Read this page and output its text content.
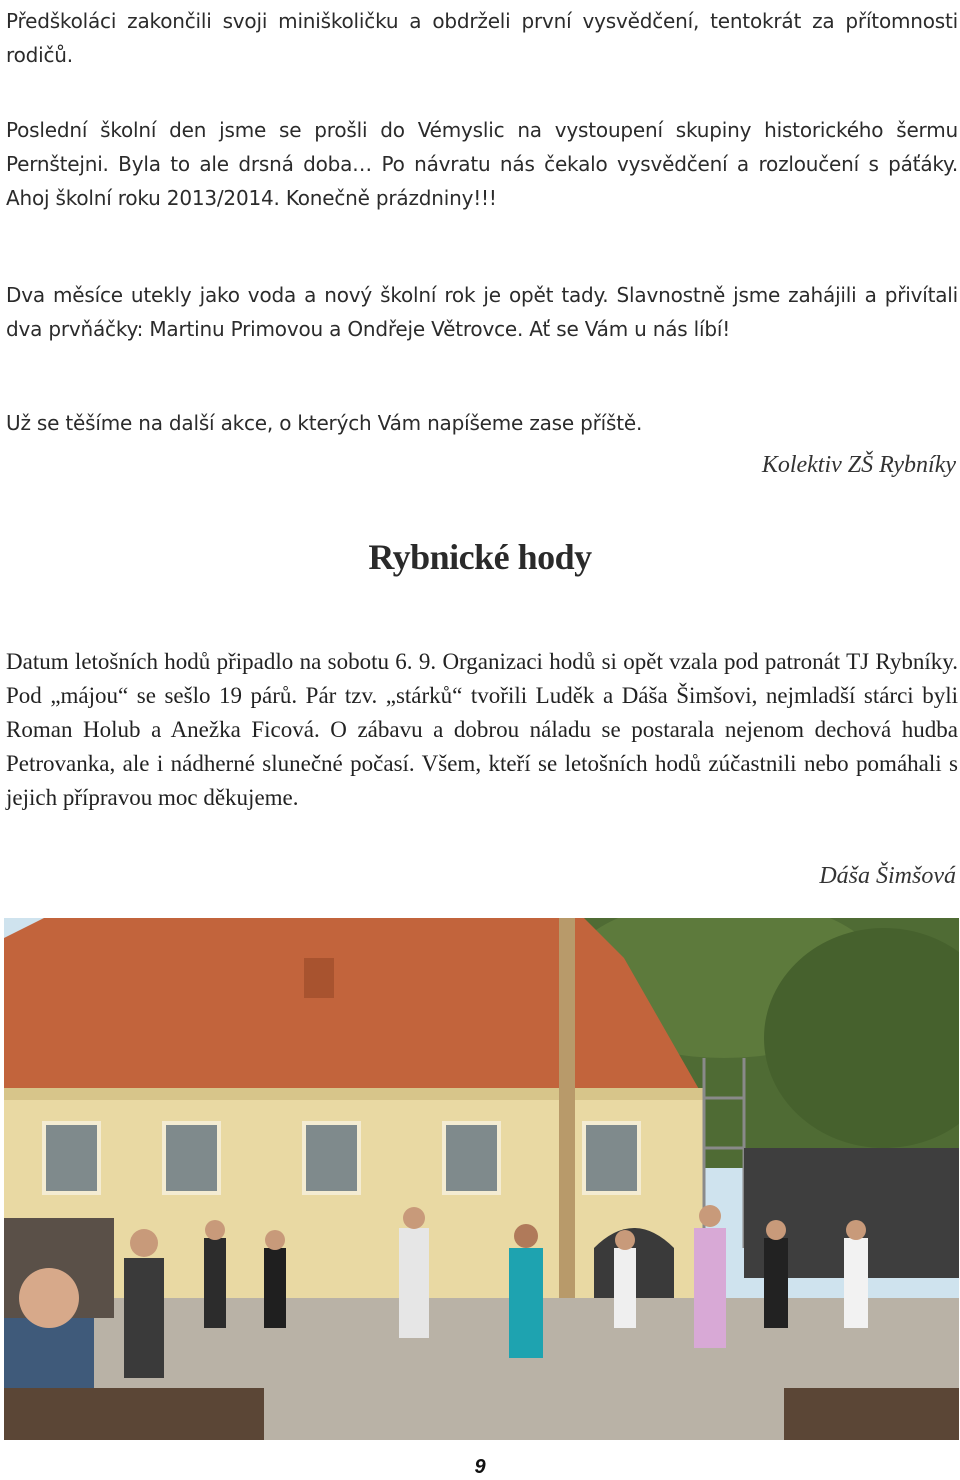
Předškoláci zakončili svoji miniškoličku a obdrželi první vysvědčení, tentokrát za přítomnosti rodičů.
Poslední školní den jsme se prošli do Vémyslic na vystoupení skupiny historického šermu Pernštejni. Byla to ale drsná doba… Po návratu nás čekalo vysvědčení a rozloučení s páťáky. Ahoj školní roku 2013/2014. Konečně prázdniny!!!
Dva měsíce utekly jako voda a nový školní rok je opět tady. Slavnostně jsme zahájili a přivítali dva prvňáčky: Martinu Primovou a Ondřeje Větrovce. Ať se Vám u nás líbí!
Už se těšíme na další akce, o kterých Vám napíšeme zase příště.
Kolektiv ZŠ Rybníky
Rybnické hody
Datum letošních hodů připadlo na sobotu 6. 9. Organizaci hodů si opět vzala pod patronát TJ Rybníky. Pod „májou“ se sešlo 19 párů. Pár tzv. „stárků“ tvořili Luděk a Dáša Šimšovi, nejmladší stárci byli Roman Holub a Anežka Ficová. O zábavu a dobrou náladu se postarala nejenom dechová hudba Petrovanka, ale i nádherné slunečné počasí. Všem, kteří se letošních hodů zúčastnili nebo pomáhali s jejich přípravou moc děkujeme.
Dáša Šimšová
9
